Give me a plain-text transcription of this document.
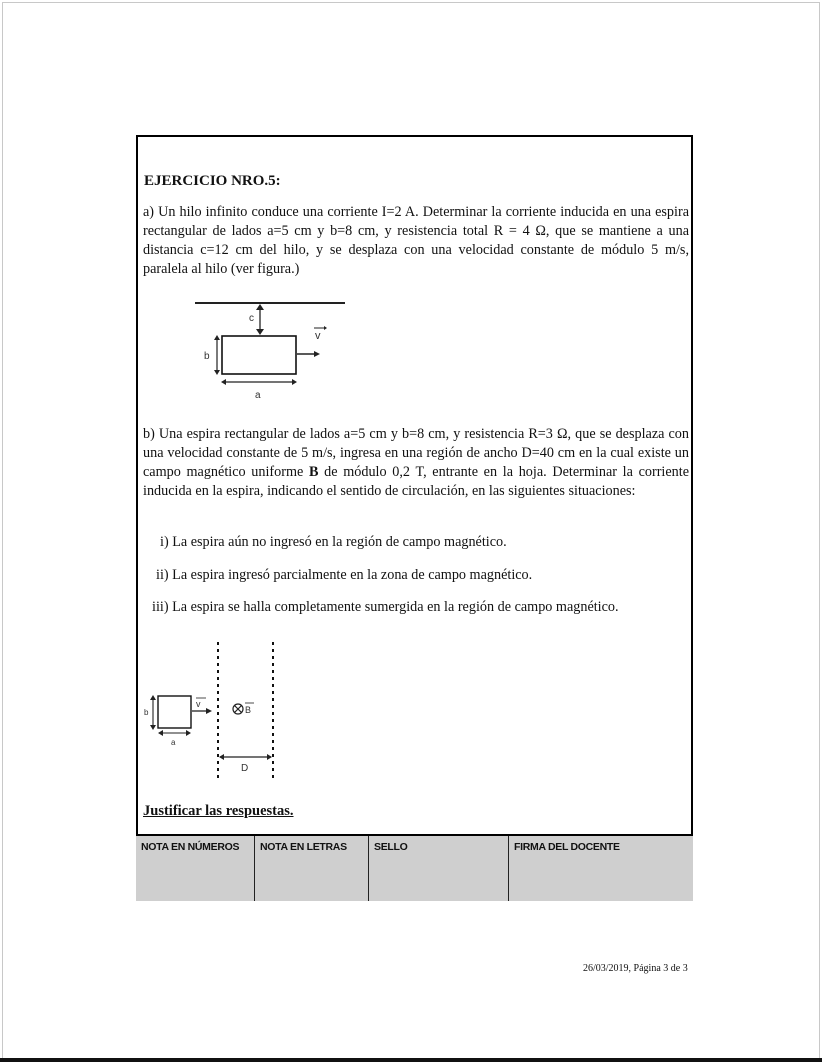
EJERCICIO NRO.5:
a) Un hilo infinito conduce una corriente I=2 A. Determinar la corriente inducida en una espira rectangular de lados a=5 cm y b=8 cm, y resistencia total R = 4 Ω, que se mantiene a una distancia c=12 cm del hilo, y se desplaza con una velocidad constante de módulo 5 m/s, paralela al hilo (ver figura.)
c
v
b
a
b) Una espira rectangular de lados a=5 cm y b=8 cm, y resistencia R=3 Ω, que se desplaza con una velocidad constante de 5 m/s, ingresa en una región de ancho D=40 cm en la cual existe un campo magnético uniforme B de módulo 0,2 T, entrante en la hoja. Determinar la corriente inducida en la espira, indicando el sentido de circulación, en las siguientes situaciones:
i) La espira aún no ingresó en la región de campo magnético.
ii) La espira ingresó parcialmente en la zona de campo magnético.
iii) La espira se halla completamente sumergida en la región de campo magnético.
v
b
a
B
D
Justificar las respuestas.
NOTA EN NÚMEROS	NOTA EN LETRAS	SELLO	FIRMA DEL DOCENTE
26/03/2019, Página 3 de 3
